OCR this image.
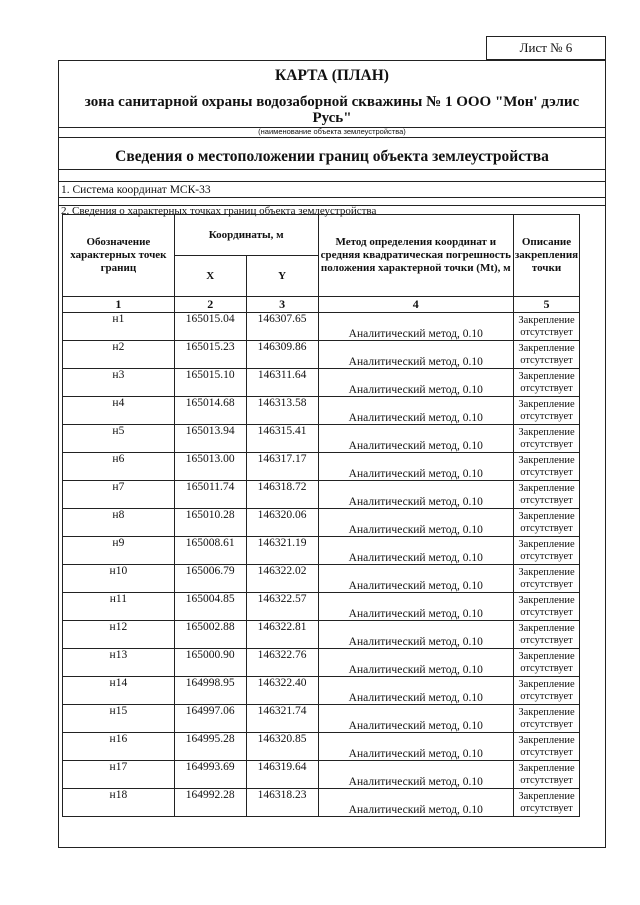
Лист № 6
КАРТА (ПЛАН)
зона санитарной охраны водозаборной скважины № 1 ООО "Мон' дэлис Русь"
(наименование объекта землеустройства)
Сведения о местоположении границ объекта землеустройства
1. Система координат МСК-33
2. Сведения о характерных точках границ объекта землеустройства
Обозначение характерных точек границ	Координаты, м		Метод определения координат и средняя квадратическая погрешность положения характерной точки (Mt), м	Описание закрепления точки
	X	Y		
1	2	3	4	5
н1	165015.04	146307.65	Аналитический метод, 0.10	Закрепление отсутствует
н2	165015.23	146309.86	Аналитический метод, 0.10	Закрепление отсутствует
н3	165015.10	146311.64	Аналитический метод, 0.10	Закрепление отсутствует
н4	165014.68	146313.58	Аналитический метод, 0.10	Закрепление отсутствует
н5	165013.94	146315.41	Аналитический метод, 0.10	Закрепление отсутствует
н6	165013.00	146317.17	Аналитический метод, 0.10	Закрепление отсутствует
н7	165011.74	146318.72	Аналитический метод, 0.10	Закрепление отсутствует
н8	165010.28	146320.06	Аналитический метод, 0.10	Закрепление отсутствует
н9	165008.61	146321.19	Аналитический метод, 0.10	Закрепление отсутствует
н10	165006.79	146322.02	Аналитический метод, 0.10	Закрепление отсутствует
н11	165004.85	146322.57	Аналитический метод, 0.10	Закрепление отсутствует
н12	165002.88	146322.81	Аналитический метод, 0.10	Закрепление отсутствует
н13	165000.90	146322.76	Аналитический метод, 0.10	Закрепление отсутствует
н14	164998.95	146322.40	Аналитический метод, 0.10	Закрепление отсутствует
н15	164997.06	146321.74	Аналитический метод, 0.10	Закрепление отсутствует
н16	164995.28	146320.85	Аналитический метод, 0.10	Закрепление отсутствует
н17	164993.69	146319.64	Аналитический метод, 0.10	Закрепление отсутствует
н18	164992.28	146318.23	Аналитический метод, 0.10	Закрепление отсутствует
